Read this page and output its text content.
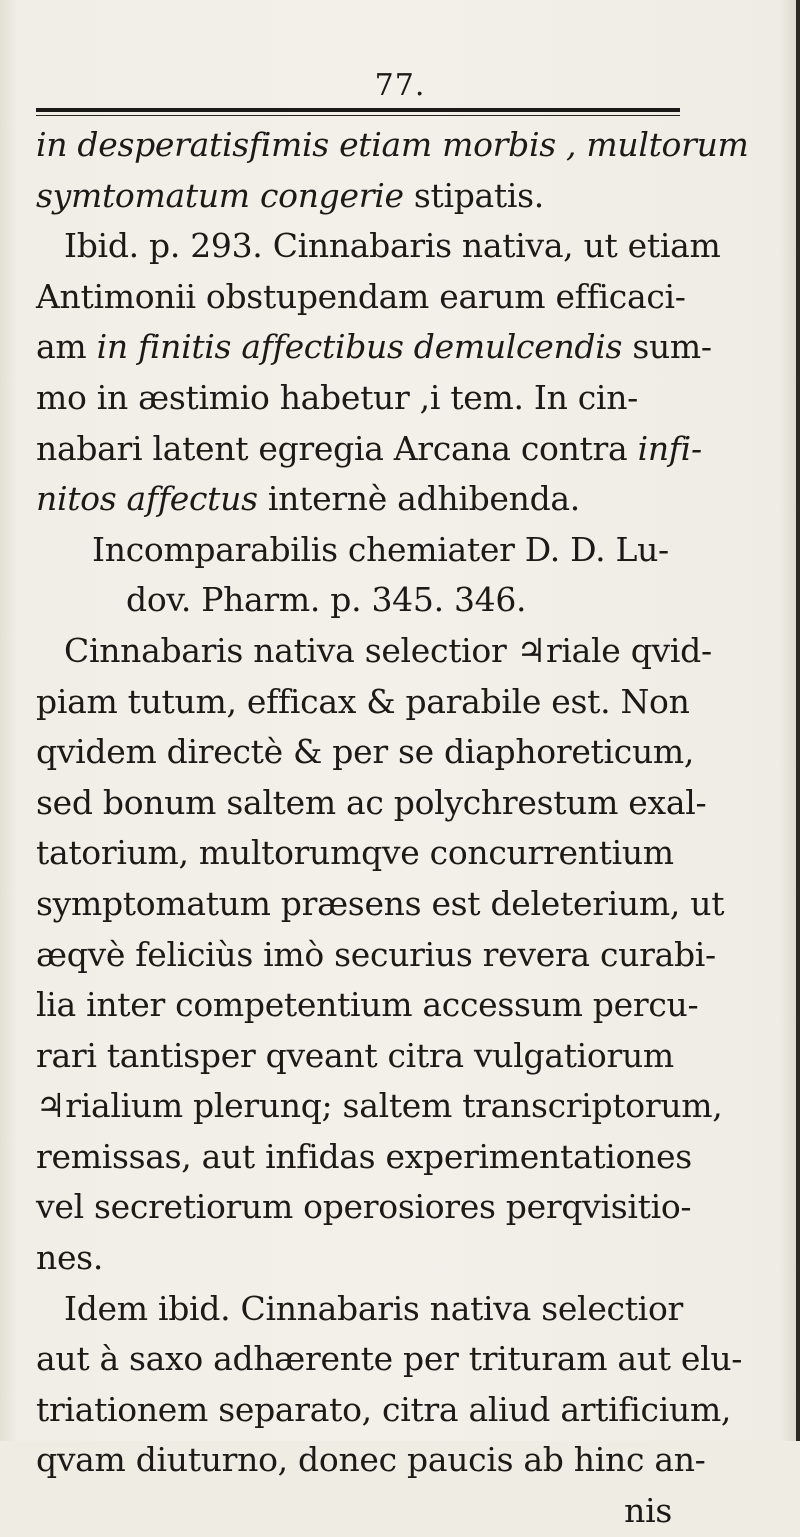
77.
in desperatisfimis etiam morbis , multorum
symtomatum congerie stipatis.
Ibid. p. 293. Cinnabaris nativa, ut etiam
Antimonii obstupendam earum efficaci-
am in finitis affectibus demulcendis sum-
mo in æstimio habetur ,i tem. In cin-
nabari latent egregia Arcana contra infi-
nitos affectus internè adhibenda.
Incomparabilis chemiater D. D. Lu-
dov. Pharm. p. 345. 346.
Cinnabaris nativa selectior ♃riale qvid-
piam tutum, efficax & parabile est. Non
qvidem directè & per se diaphoreticum,
sed bonum saltem ac polychrestum exal-
tatorium, multorumqve concurrentium
symptomatum præsens est deleterium, ut
æqvè feliciùs imò securius revera curabi-
lia inter competentium accessum percu-
rari tantisper qveant citra vulgatiorum
♃rialium plerunq; saltem transcriptorum,
remissas, aut infidas experimentationes
vel secretiorum operosiores perqvisitio-
nes.
Idem ibid. Cinnabaris nativa selectior
aut à saxo adhærente per trituram aut elu-
triationem separato, citra aliud artificium,
qvam diuturno, donec paucis ab hinc an-
nis
